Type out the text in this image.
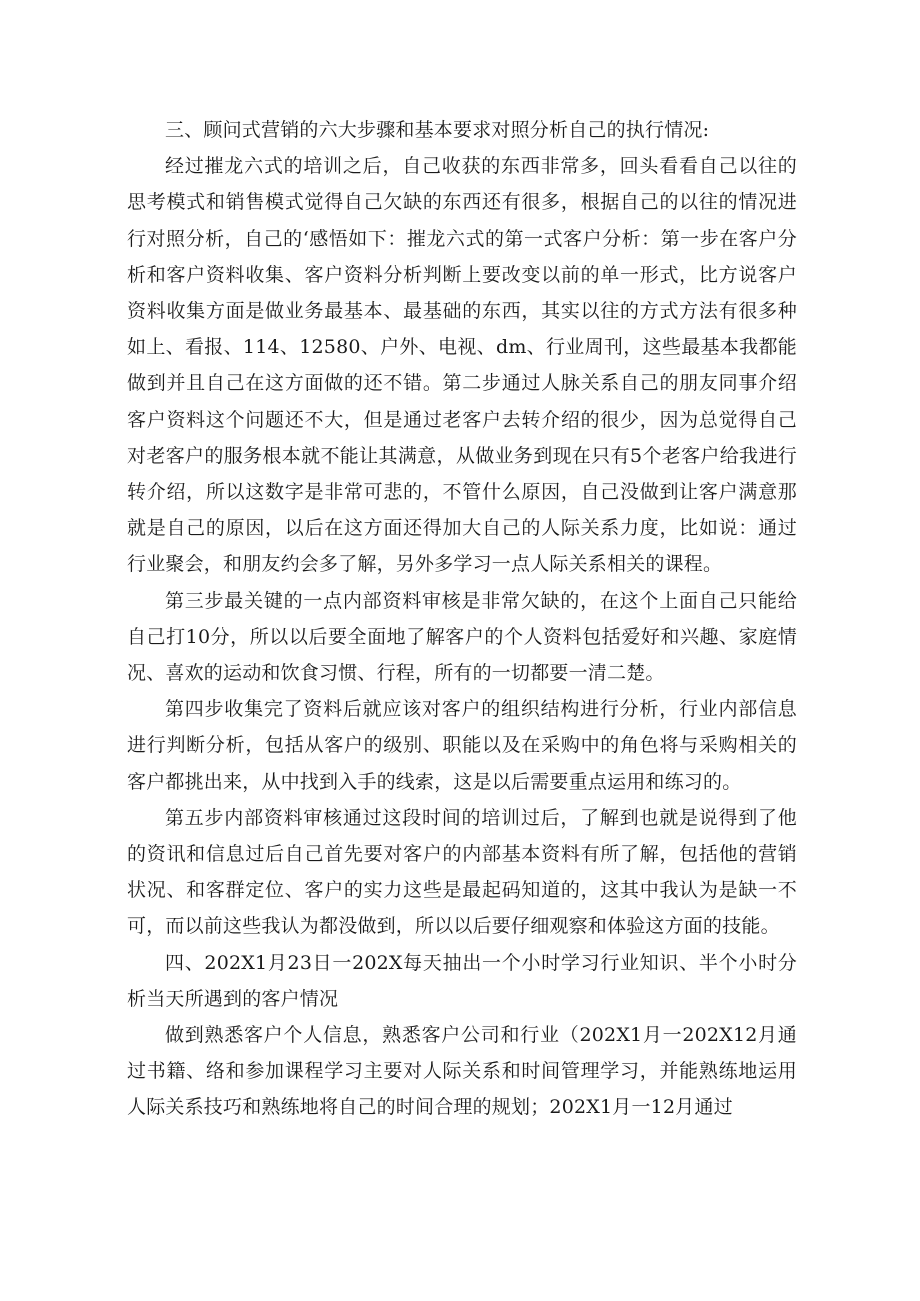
三、顾问式营销的六大步骤和基本要求对照分析自己的执行情况:

经过摧龙六式的培训之后，自己收获的东西非常多，回头看看自己以往的思考模式和销售模式觉得自己欠缺的东西还有很多，根据自己的以往的情况进行对照分析，自己的‘感悟如下：摧龙六式的第一式客户分析：第一步在客户分析和客户资料收集、客户资料分析判断上要改变以前的单一形式，比方说客户资料收集方面是做业务最基本、最基础的东西，其实以往的方式方法有很多种如上、看报、114、12580、户外、电视、dm、行业周刊，这些最基本我都能做到并且自己在这方面做的还不错。第二步通过人脉关系自己的朋友同事介绍客户资料这个问题还不大，但是通过老客户去转介绍的很少，因为总觉得自己对老客户的服务根本就不能让其满意，从做业务到现在只有5个老客户给我进行转介绍，所以这数字是非常可悲的，不管什么原因，自己没做到让客户满意那就是自己的原因，以后在这方面还得加大自己的人际关系力度，比如说：通过行业聚会，和朋友约会多了解，另外多学习一点人际关系相关的课程。

第三步最关键的一点内部资料审核是非常欠缺的，在这个上面自己只能给自己打10分，所以以后要全面地了解客户的个人资料包括爱好和兴趣、家庭情况、喜欢的运动和饮食习惯、行程，所有的一切都要一清二楚。

第四步收集完了资料后就应该对客户的组织结构进行分析，行业内部信息进行判断分析，包括从客户的级别、职能以及在采购中的角色将与采购相关的客户都挑出来，从中找到入手的线索，这是以后需要重点运用和练习的。

第五步内部资料审核通过这段时间的培训过后，了解到也就是说得到了他的资讯和信息过后自己首先要对客户的内部基本资料有所了解，包括他的营销状况、和客群定位、客户的实力这些是最起码知道的，这其中我认为是缺一不可，而以前这些我认为都没做到，所以以后要仔细观察和体验这方面的技能。

四、202X1月23日一202X每天抽出一个小时学习行业知识、半个小时分析当天所遇到的客户情况

做到熟悉客户个人信息，熟悉客户公司和行业（202X1月一202X12月通过书籍、络和参加课程学习主要对人际关系和时间管理学习，并能熟练地运用人际关系技巧和熟练地将自己的时间合理的规划；202X1月一12月通过
